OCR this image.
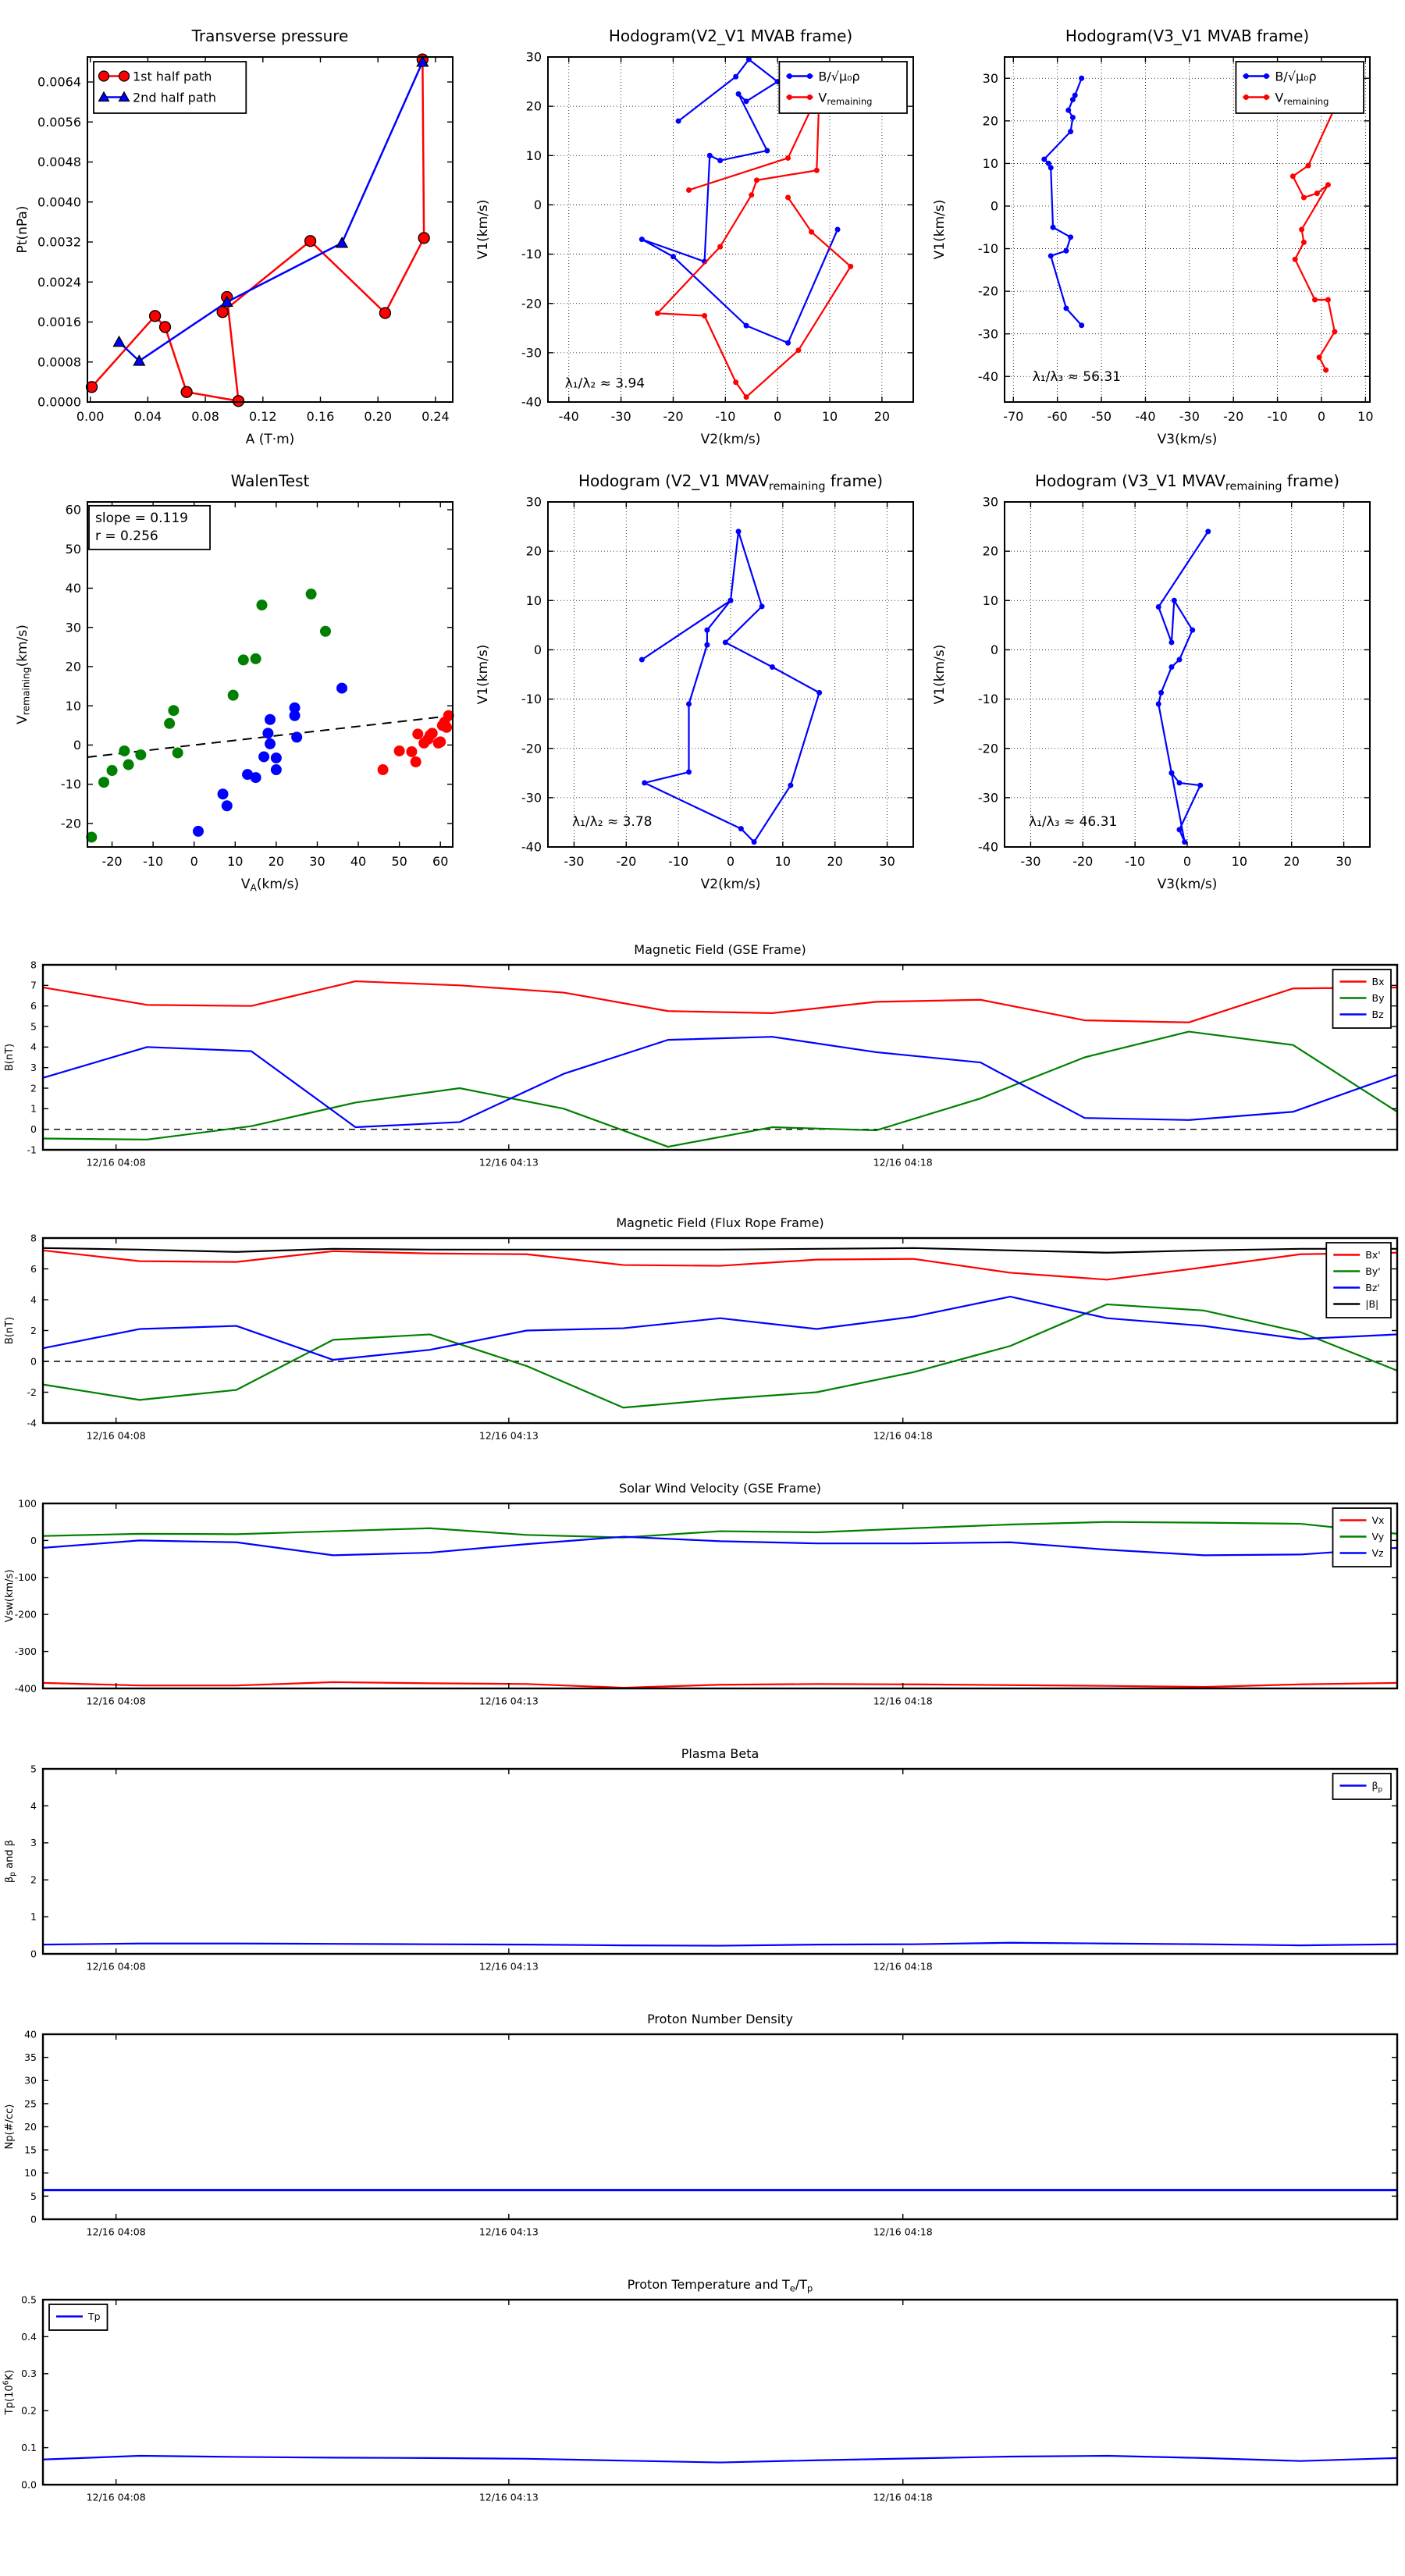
0.00 0.04 0.08 0.12 0.16 0.20 0.24
0.0000
0.0008
0.0016
0.0024
0.0032
0.0040
0.0048
0.0056
0.0064
Transverse pressure
A (T·m)
Pt(nPa)
1st half path
2nd half path
-40	-30	-20	-10	0	10	20
-40
-30
-20
-10
0
10
20
30
Hodogram(V2_V1 MVAB frame)
V2(km/s)
V1(km/s)
λ₁/λ₂ ≈ 3.94
B/√μ₀ρ
$V_{remaining}$
-70 -60 -50 -40 -30 -20 -10 0	10
-40
-30
-20
-10
0
10
20
30
Hodogram(V3_V1 MVAB frame)
V3(km/s)
V1(km/s)
λ₁/λ₃ ≈ 56.31
B/√μ₀ρ
$V_{remaining}$
-20 -10 0 10 20 30 40 50 60
-20
-10
0
10
20
30
40
50
60
WalenTest
$V_A(km/s)$
$V_{remaining}(km/s)$
slope = 0.119
r = 0.256
-30	-20	-10	0	10	20	30
-40
-30
-20
-10
0
10
20
30
Hodogram (V2_V1 $MVAV_{remaining}$ frame)
V2(km/s)
V1(km/s)
λ₁/λ₂ ≈ 3.78
-30	-20	-10	0	10	20	30
-40
-30
-20
-10
0
10
20
30
Hodogram (V3_V1 $MVAV_{remaining}$ frame)
V3(km/s)
V1(km/s)
λ₁/λ₃ ≈ 46.31
12/16 04:08	12/16 04:13	12/16 04:18
-1
0
1
2
3
4
5
6
7
8
Magnetic Field (GSE Frame)
B(nT)
Bx
By
Bz
12/16 04:08	12/16 04:13	12/16 04:18
-4
-2
0
2
4
6
8
Magnetic Field (Flux Rope Frame)
B(nT)
Bx'
By'
Bz'
|B|
12/16 04:08	12/16 04:13	12/16 04:18
-400
-300
-200
-100
0
100
Solar Wind Velocity (GSE Frame)
Vsw(km/s)
Vx
Vy
Vz
12/16 04:08	12/16 04:13	12/16 04:18
0
1
2
3
4
5
Plasma Beta
$\beta_p$ and β
$\beta_p$
12/16 04:08	12/16 04:13	12/16 04:18
0
5
10
15
20
25
30
35
40
Proton Number Density
Np(#/cc)
12/16 04:08	12/16 04:13	12/16 04:18
0.0
0.1
0.2
0.3
0.4
0.5
Proton Temperature and $T_e/T_p$
$Tp(10^6K)$
Tp
